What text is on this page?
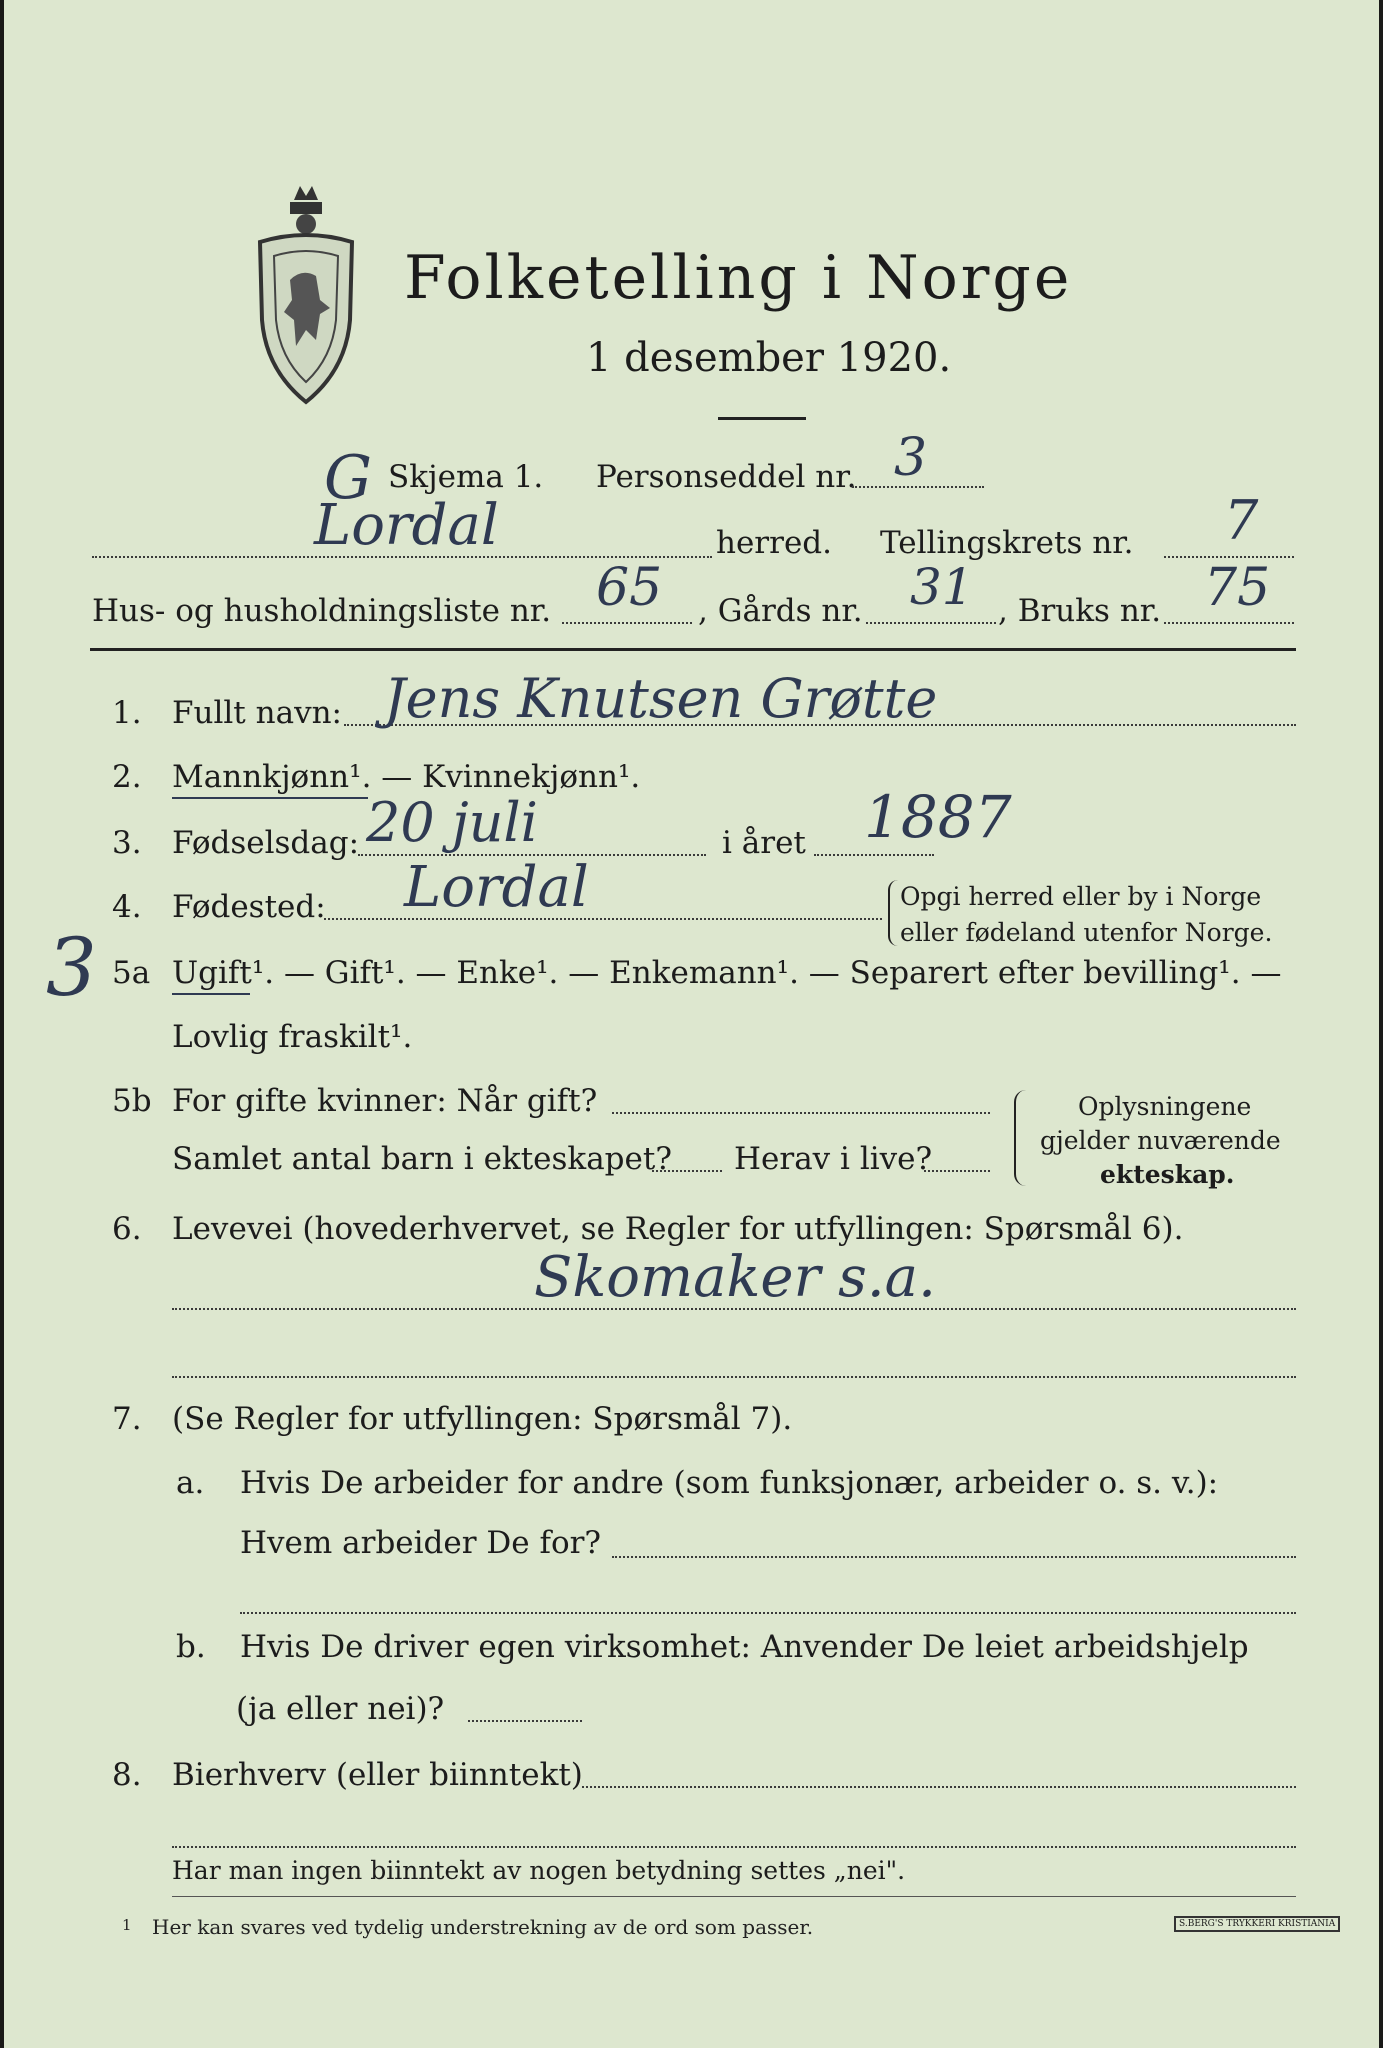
Folketelling i Norge
1 desember 1920.
G Skjema 1. Personseddel nr. 3
Lordal	herred. Tellingskrets nr. 7
Hus- og husholdningsliste nr. 65 , Gårds nr. 31 , Bruks nr. 75
1. Fullt navn: Jens Knutsen Grøtte
2. Mannkjønn¹. — Kvinnekjønn¹.
3. Fødselsdag: 20 juli	i året 1887
4. Fødested: Lordal	Opgi herred eller by i Norge
eller fødeland utenfor Norge.
3 5a Ugift¹. — Gift¹. — Enke¹. — Enkemann¹. — Separert efter bevilling¹. —
Lovlig fraskilt¹.
5b For gifte kvinner: Når gift?
Samlet antal barn i ekteskapet? Herav i live?
Oplysningene
gjelder nuværende
ekteskap.
6. Levevei (hovederhvervet, se Regler for utfyllingen: Spørsmål 6).
Skomaker s.a.
7. (Se Regler for utfyllingen: Spørsmål 7).
a. Hvis De arbeider for andre (som funksjonær, arbeider o. s. v.):
Hvem arbeider De for?
b. Hvis De driver egen virksomhet: Anvender De leiet arbeidshjelp
(ja eller nei)?
8. Bierhverv (eller biinntekt)
Har man ingen biinntekt av nogen betydning settes „nei".
1 Her kan svares ved tydelig understrekning av de ord som passer.	S.BERG'S TRYKKERI KRISTIANIA
